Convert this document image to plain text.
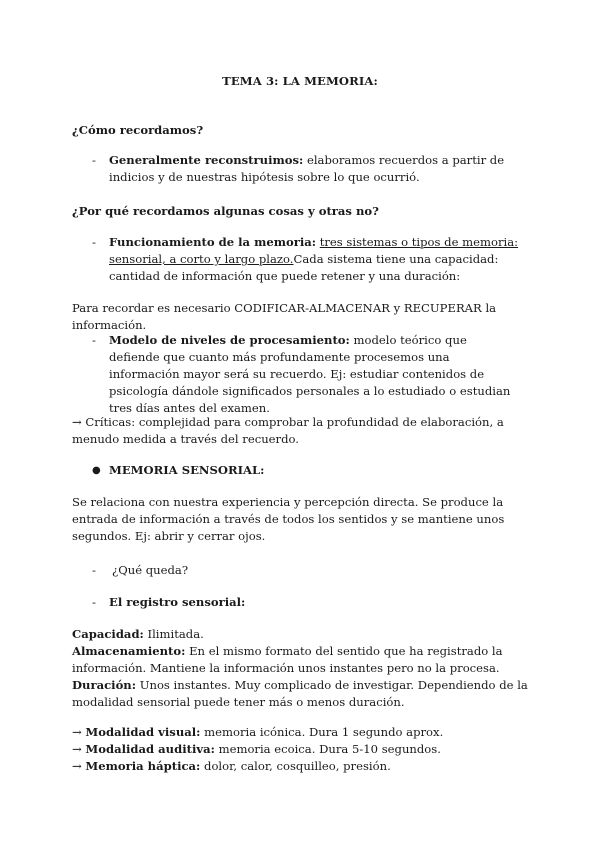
TEMA 3: LA MEMORIA:
¿Cómo recordamos?
- Generalmente reconstruimos: elaboramos recuerdos a partir de indicios y de nuestras hipótesis sobre lo que ocurrió.
¿Por qué recordamos algunas cosas y otras no?
- Funcionamiento de la memoria: tres sistemas o tipos de memoria: sensorial, a corto y largo plazo.Cada sistema tiene una capacidad: cantidad de información que puede retener y una duración:
Para recordar es necesario CODIFICAR-ALMACENAR y RECUPERAR la información.
- Modelo de niveles de procesamiento: modelo teórico que defiende que cuanto más profundamente procesemos una información mayor será su recuerdo. Ej: estudiar contenidos de psicología dándole significados personales a lo estudiado o estudian tres días antes del examen.
→ Críticas: complejidad para comprobar la profundidad de elaboración, a menudo medida a través del recuerdo.
● MEMORIA SENSORIAL:
Se relaciona con nuestra experiencia y percepción directa. Se produce la entrada de información a través de todos los sentidos y se mantiene unos segundos. Ej: abrir y cerrar ojos.
- ¿Qué queda?
- El registro sensorial:
Capacidad: Ilimitada.
Almacenamiento: En el mismo formato del sentido que ha registrado la información. Mantiene la información unos instantes pero no la procesa.
Duración: Unos instantes. Muy complicado de investigar. Dependiendo de la modalidad sensorial puede tener más o menos duración.
→ Modalidad visual: memoria icónica. Dura 1 segundo aprox.
→ Modalidad auditiva: memoria ecoica. Dura 5-10 segundos.
→ Memoria háptica: dolor, calor, cosquilleo, presión.
